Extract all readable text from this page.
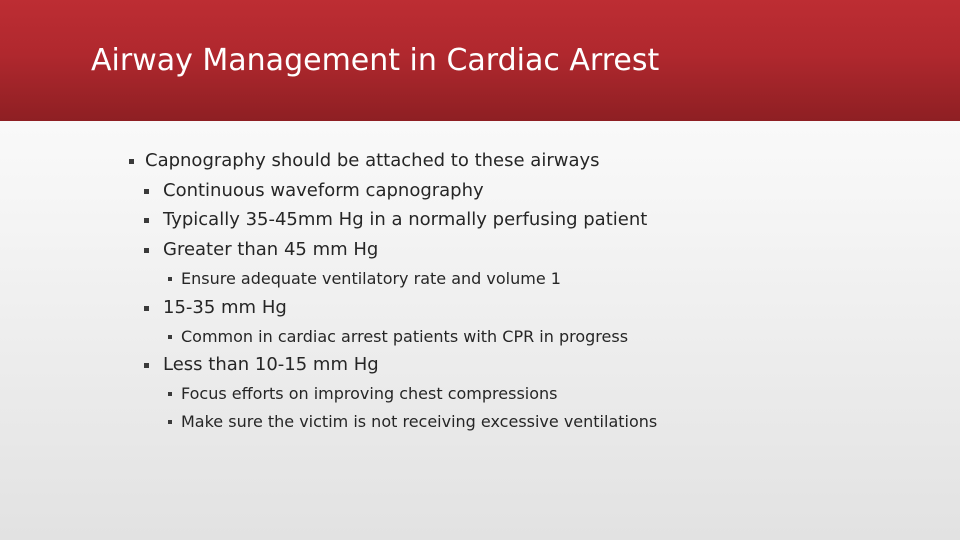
Airway Management in Cardiac Arrest
Capnography should be attached to these airways
Continuous waveform capnography
Typically 35-45mm Hg in a normally perfusing patient
Greater than 45 mm Hg
Ensure adequate ventilatory rate and volume 1
15-35 mm Hg
Common in cardiac arrest patients with CPR in progress
Less than 10-15 mm Hg
Focus efforts on improving chest compressions
Make sure the victim is not receiving excessive ventilations
